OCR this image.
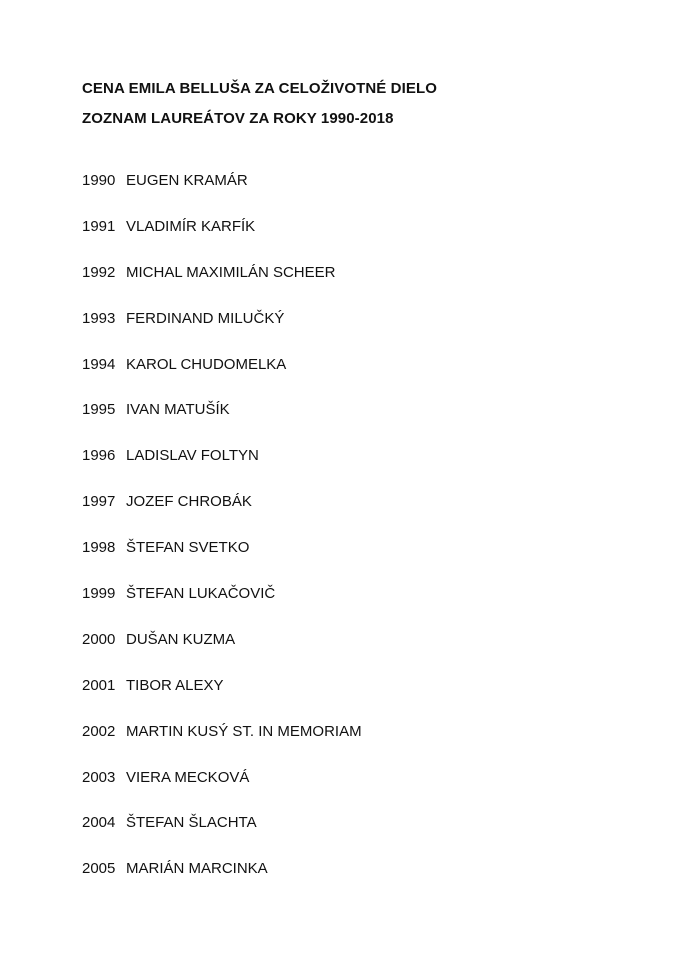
CENA EMILA BELLUŠA ZA CELOŽIVOTNÉ DIELO
ZOZNAM LAUREÁTOV ZA ROKY 1990-2018
1990 EUGEN KRAMÁR
1991 VLADIMÍR KARFÍK
1992 MICHAL MAXIMILÁN SCHEER
1993 FERDINAND MILUČKÝ
1994 KAROL CHUDOMELKA
1995 IVAN MATUŠÍK
1996 LADISLAV FOLTYN
1997 JOZEF CHROBÁK
1998 ŠTEFAN SVETKO
1999 ŠTEFAN LUKAČOVIČ
2000 DUŠAN KUZMA
2001 TIBOR ALEXY
2002 MARTIN KUSÝ ST. IN MEMORIAM
2003 VIERA MECKOVÁ
2004 ŠTEFAN ŠLACHTA
2005 MARIÁN MARCINKA
